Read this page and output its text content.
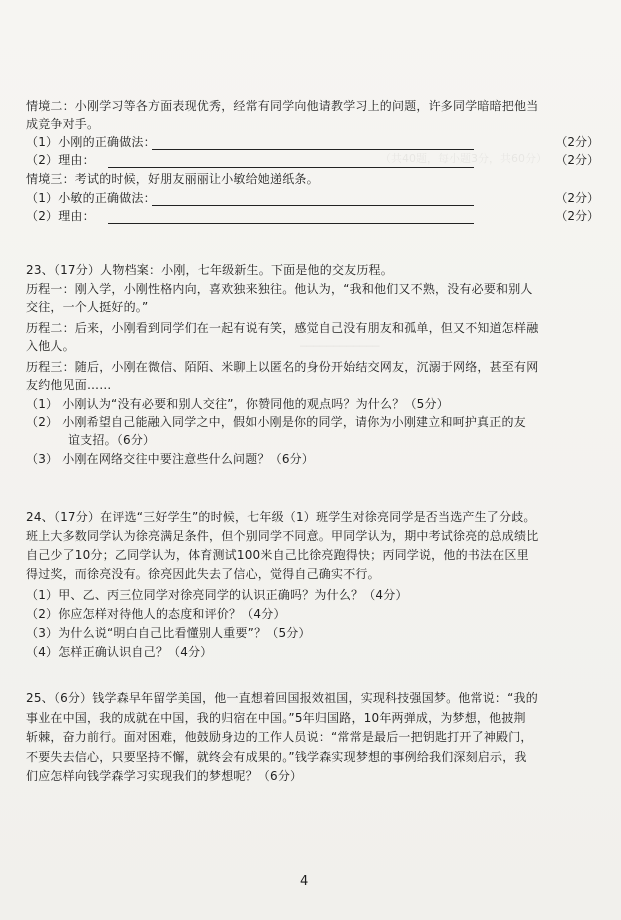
（共40题，每小题3分，共60分）
────────────
情境二：小刚学习等各方面表现优秀，经常有同学向他请教学习上的问题，许多同学暗暗把他当
成竞争对手。
（1）小刚的正确做法：	（2分）
（2）理由：	（2分）
情境三：考试的时候，好朋友丽丽让小敏给她递纸条。
（1）小敏的正确做法：	（2分）
（2）理由：	（2分）
23、（17分）人物档案：小刚，七年级新生。下面是他的交友历程。
历程一：刚入学，小刚性格内向，喜欢独来独往。他认为，“我和他们又不熟，没有必要和别人
交往，一个人挺好的。”
历程二：后来，小刚看到同学们在一起有说有笑，感觉自己没有朋友和孤单，但又不知道怎样融
入他人。
历程三：随后，小刚在微信、陌陌、米聊上以匿名的身份开始结交网友，沉溺于网络，甚至有网
友约他见面……
（1） 小刚认为“没有必要和别人交往”，你赞同他的观点吗？为什么？（5分）
（2） 小刚希望自己能融入同学之中，假如小刚是你的同学，请你为小刚建立和呵护真正的友
谊支招。（6分）
（3） 小刚在网络交往中要注意些什么问题？（6分）
24、（17分）在评选“三好学生”的时候，七年级（1）班学生对徐亮同学是否当选产生了分歧。
班上大多数同学认为徐亮满足条件，但个别同学不同意。甲同学认为，期中考试徐亮的总成绩比
自己少了10分；乙同学认为，体育测试100米自己比徐亮跑得快；丙同学说，他的书法在区里
得过奖，而徐亮没有。徐亮因此失去了信心，觉得自己确实不行。
（1）甲、乙、丙三位同学对徐亮同学的认识正确吗？为什么？（4分）
（2）你应怎样对待他人的态度和评价？（4分）
（3）为什么说“明白自己比看懂别人重要”？（5分）
（4）怎样正确认识自己？（4分）
25、（6分）钱学森早年留学美国，他一直想着回国报效祖国，实现科技强国梦。他常说：“我的
事业在中国，我的成就在中国，我的归宿在中国。”5年归国路，10年两弹成，为梦想，他披荆
斩棘，奋力前行。面对困难，他鼓励身边的工作人员说：“常常是最后一把钥匙打开了神殿门，
不要失去信心，只要坚持不懈，就终会有成果的。”钱学森实现梦想的事例给我们深刻启示，我
们应怎样向钱学森学习实现我们的梦想呢？（6分）
4
